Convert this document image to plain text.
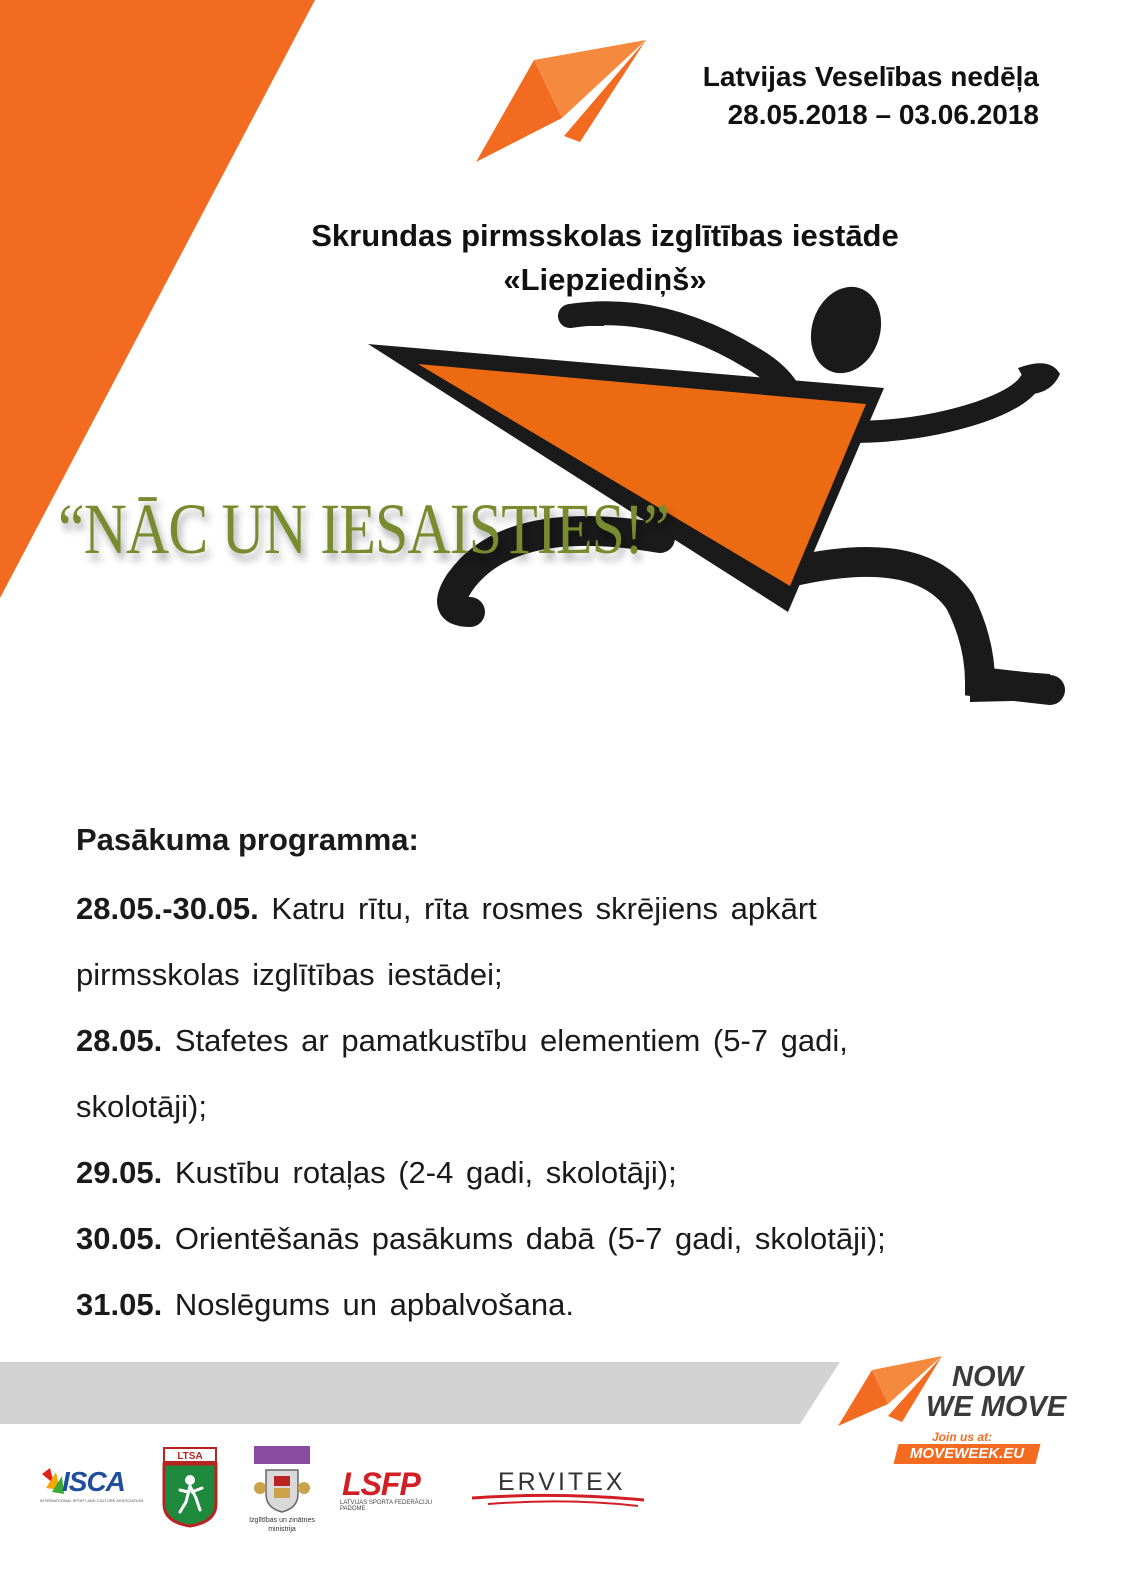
Latvijas Veselības nedēļa
28.05.2018 – 03.06.2018
Skrundas pirmsskolas izglītības iestāde
«Liepziediņš»
“NĀC UN IESAISTIES!”
Pasākuma programma:
28.05.-30.05. Katru rītu, rīta rosmes skrējiens apkārt
pirmsskolas izglītības iestādei;
28.05. Stafetes ar pamatkustību elementiem (5-7 gadi,
skolotāji);
29.05. Kustību rotaļas (2-4 gadi, skolotāji);
30.05. Orientēšanās pasākums dabā (5-7 gadi, skolotāji);
31.05. Noslēgums un apbalvošana.
NOW
WE MOVE
Join us at:
MOVEWEEK.EU
ISCA
INTERNATIONAL SPORT AND CULTURE ASSOCIATION
LTSA
Izglītības un zinātnes ministrija
LSFP
LATVIJAS SPORTA FEDERĀCIJU PADOME
ERVITEX
